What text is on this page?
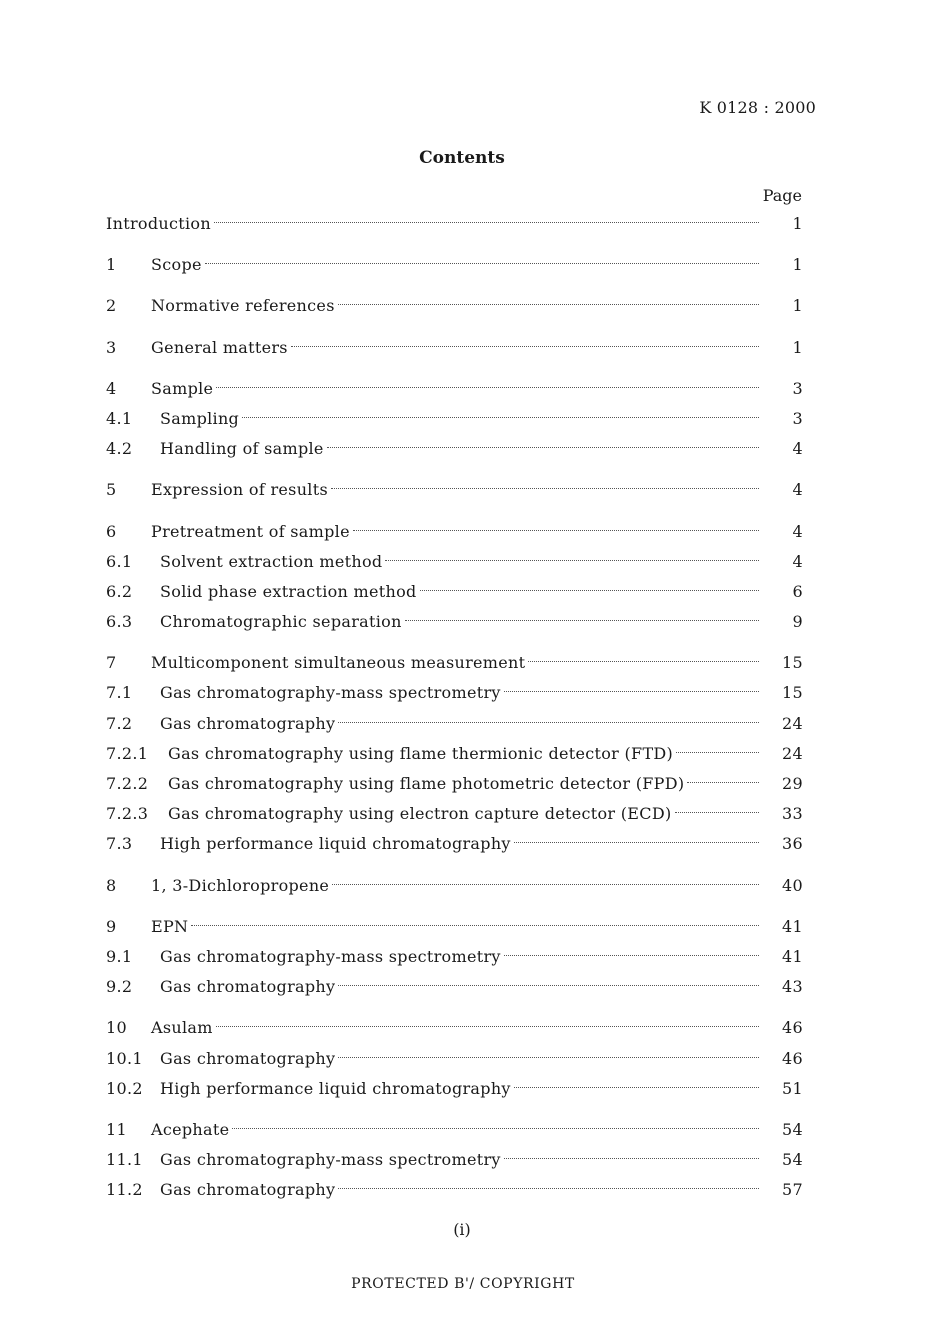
K 0128 : 2000
Contents
Page
Introduction	1
1	Scope	1
2	Normative references	1
3	General matters	1
4	Sample	3
4.1	Sampling	3
4.2	Handling of sample	4
5	Expression of results	4
6	Pretreatment of sample	4
6.1	Solvent extraction method	4
6.2	Solid phase extraction method	6
6.3	Chromatographic separation	9
7	Multicomponent simultaneous measurement	15
7.1	Gas chromatography-mass spectrometry	15
7.2	Gas chromatography	24
7.2.1	Gas chromatography using flame thermionic detector (FTD)	24
7.2.2	Gas chromatography using flame photometric detector (FPD)	29
7.2.3	Gas chromatography using electron capture detector (ECD)	33
7.3	High performance liquid chromatography	36
8	1, 3-Dichloropropene	40
9	EPN	41
9.1	Gas chromatography-mass spectrometry	41
9.2	Gas chromatography	43
10	Asulam	46
10.1	Gas chromatography	46
10.2	High performance liquid chromatography	51
11	Acephate	54
11.1	Gas chromatography-mass spectrometry	54
11.2	Gas chromatography	57
(i)
PROTECTED B'/ COPYRIGHT
